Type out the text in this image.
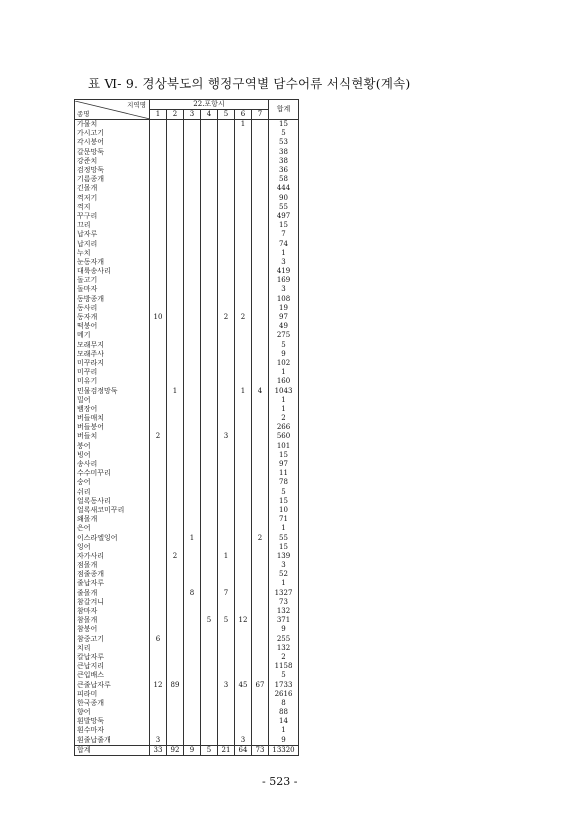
표 Ⅵ- 9. 경상북도의 행정구역별 담수어류 서식현황(계속)
지역명
종명	22.포항시							합계
	1	2	3	4	5	6	7	
가물치						1		15
가시고기								5
각시붕어								53
갈문망둑								38
강준치								38
검정망둑								36
기름종개								58
긴몰개								444
꺽저기								90
꺽지								55
꾸구리								497
끄리								15
납자루								7
납지리								74
누치								1
눈동자개								3
대륙송사리								419
돌고기								169
돌마자								3
동방종개								108
동사리								19
동자개	10				2	2		97
떡붕어								49
메기								275
모래무지								5
모래주사								9
미꾸라지								102
미꾸리								1
미유기								160
민물검정망둑		1				1	4	1043
밀어								1
뱀장어								1
버들매치								2
버들붕어								266
버들치	2				3			560
붕어								101
빙어								15
송사리								97
수수미꾸리								11
숭어								78
쉬리								5
얼록동사리								15
얼록새코미꾸리								10
왜몰개								71
은어								1
이스라엘잉어			1				2	55
잉어								15
자가사리		2			1			139
점몰개								3
점줄종개								52
줄납자루								1
줄몰개			8		7			1327
참갈겨니								73
참마자								132
참몰개				5	5	12		371
참붕어								9
참중고기	6							255
치리								132
칼납자루								2
큰납지리								1158
큰입배스								5
큰줄납자루	12	89			3	45	67	1733
피라미								2616
한국종개								8
향어								88
흰발망둑								14
흰수마자								1
흰줄납줄개	3					3		9
합계	33	92	9	5	21	64	73	13320
- 523 -
